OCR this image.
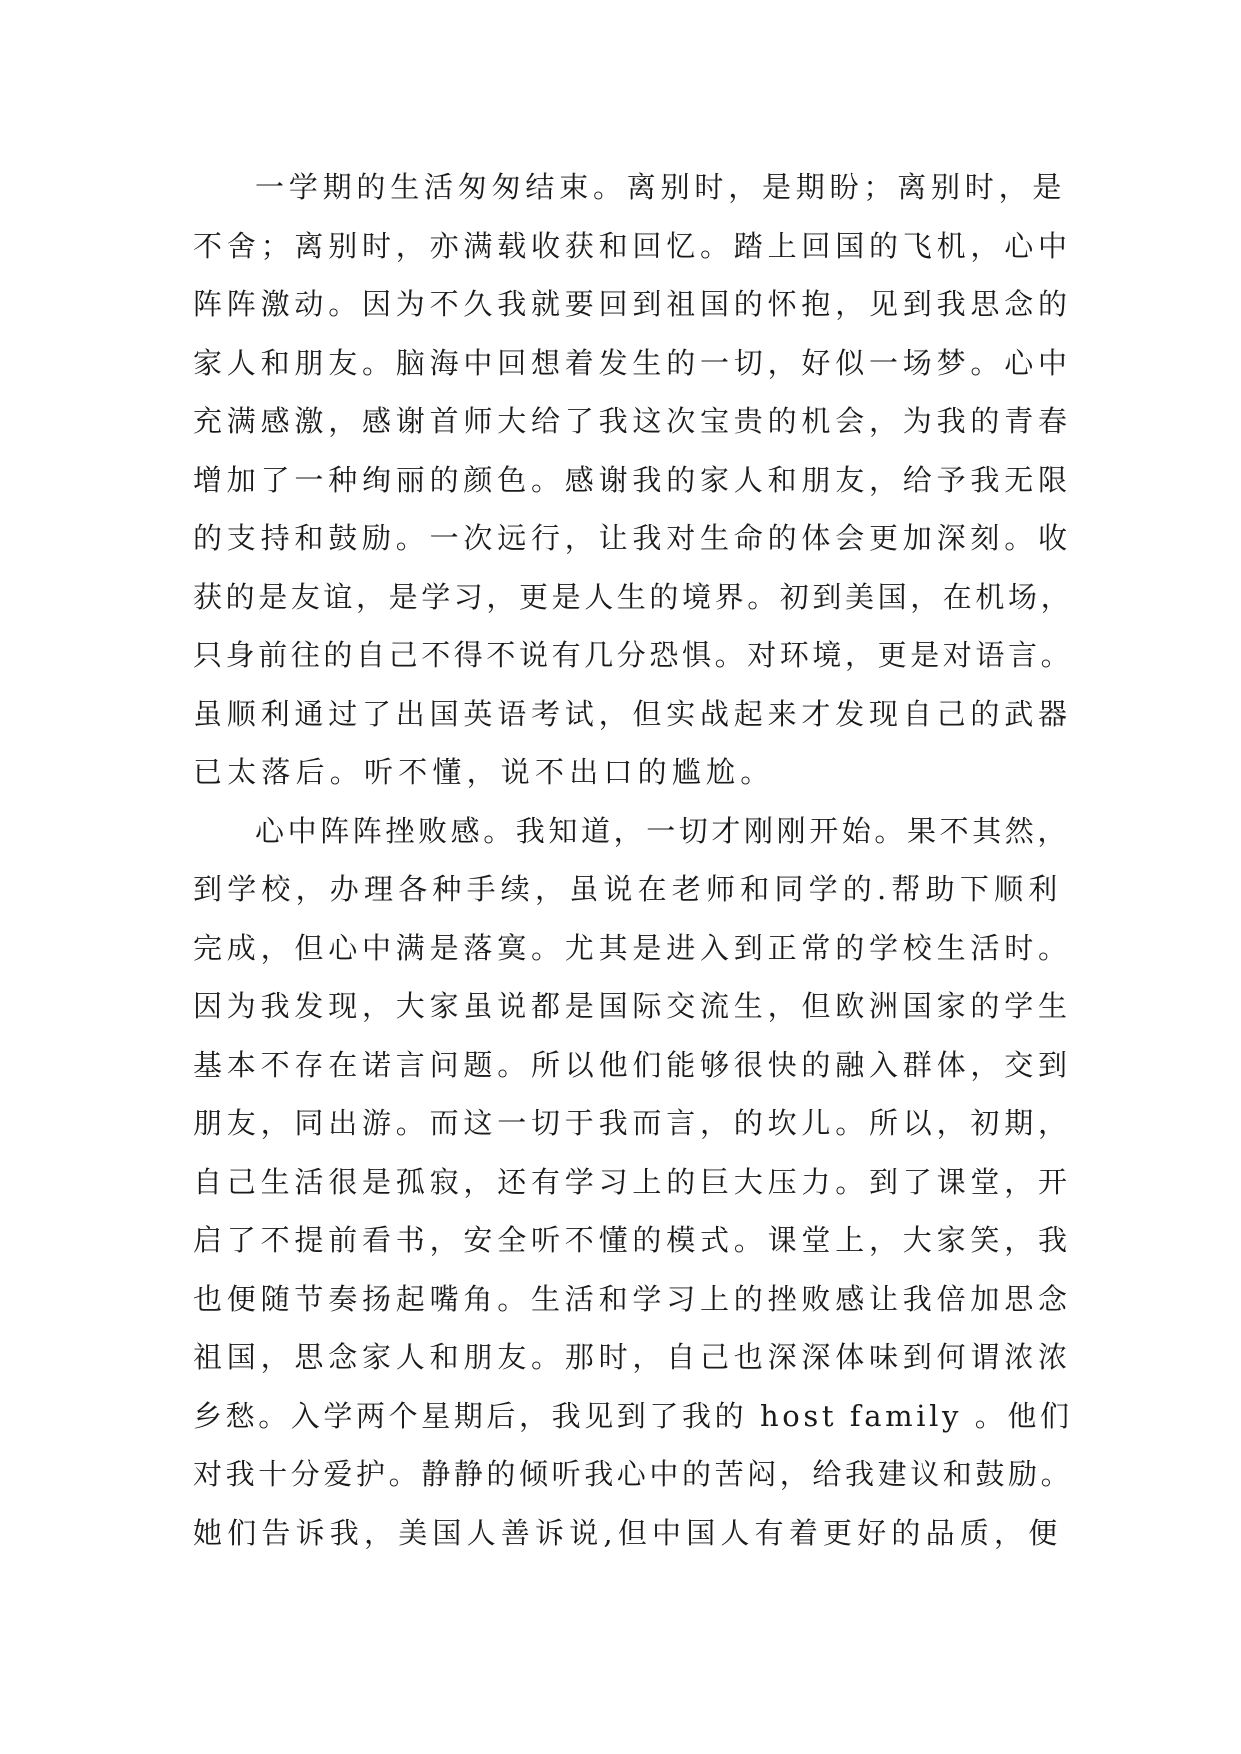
一学期的生活匆匆结束。离别时，是期盼；离别时，是
不舍；离别时，亦满载收获和回忆。踏上回国的飞机，心中
阵阵激动。因为不久我就要回到祖国的怀抱，见到我思念的
家人和朋友。脑海中回想着发生的一切，好似一场梦。心中
充满感激，感谢首师大给了我这次宝贵的机会，为我的青春
增加了一种绚丽的颜色。感谢我的家人和朋友，给予我无限
的支持和鼓励。一次远行，让我对生命的体会更加深刻。收
获的是友谊，是学习，更是人生的境界。初到美国，在机场，
只身前往的自己不得不说有几分恐惧。对环境，更是对语言。
虽顺利通过了出国英语考试，但实战起来才发现自己的武器
已太落后。听不懂，说不出口的尴尬。
心中阵阵挫败感。我知道，一切才刚刚开始。果不其然，
到学校，办理各种手续，虽说在老师和同学的.帮助下顺利
完成，但心中满是落寞。尤其是进入到正常的学校生活时。
因为我发现，大家虽说都是国际交流生，但欧洲国家的学生
基本不存在诺言问题。所以他们能够很快的融入群体，交到
朋友，同出游。而这一切于我而言，的坎儿。所以，初期，
自己生活很是孤寂，还有学习上的巨大压力。到了课堂，开
启了不提前看书，安全听不懂的模式。课堂上，大家笑，我
也便随节奏扬起嘴角。生活和学习上的挫败感让我倍加思念
祖国，思念家人和朋友。那时，自己也深深体味到何谓浓浓
乡愁。入学两个星期后，我见到了我的 host family 。他们
对我十分爱护。静静的倾听我心中的苦闷，给我建议和鼓励。
她们告诉我，美国人善诉说,但中国人有着更好的品质，便
